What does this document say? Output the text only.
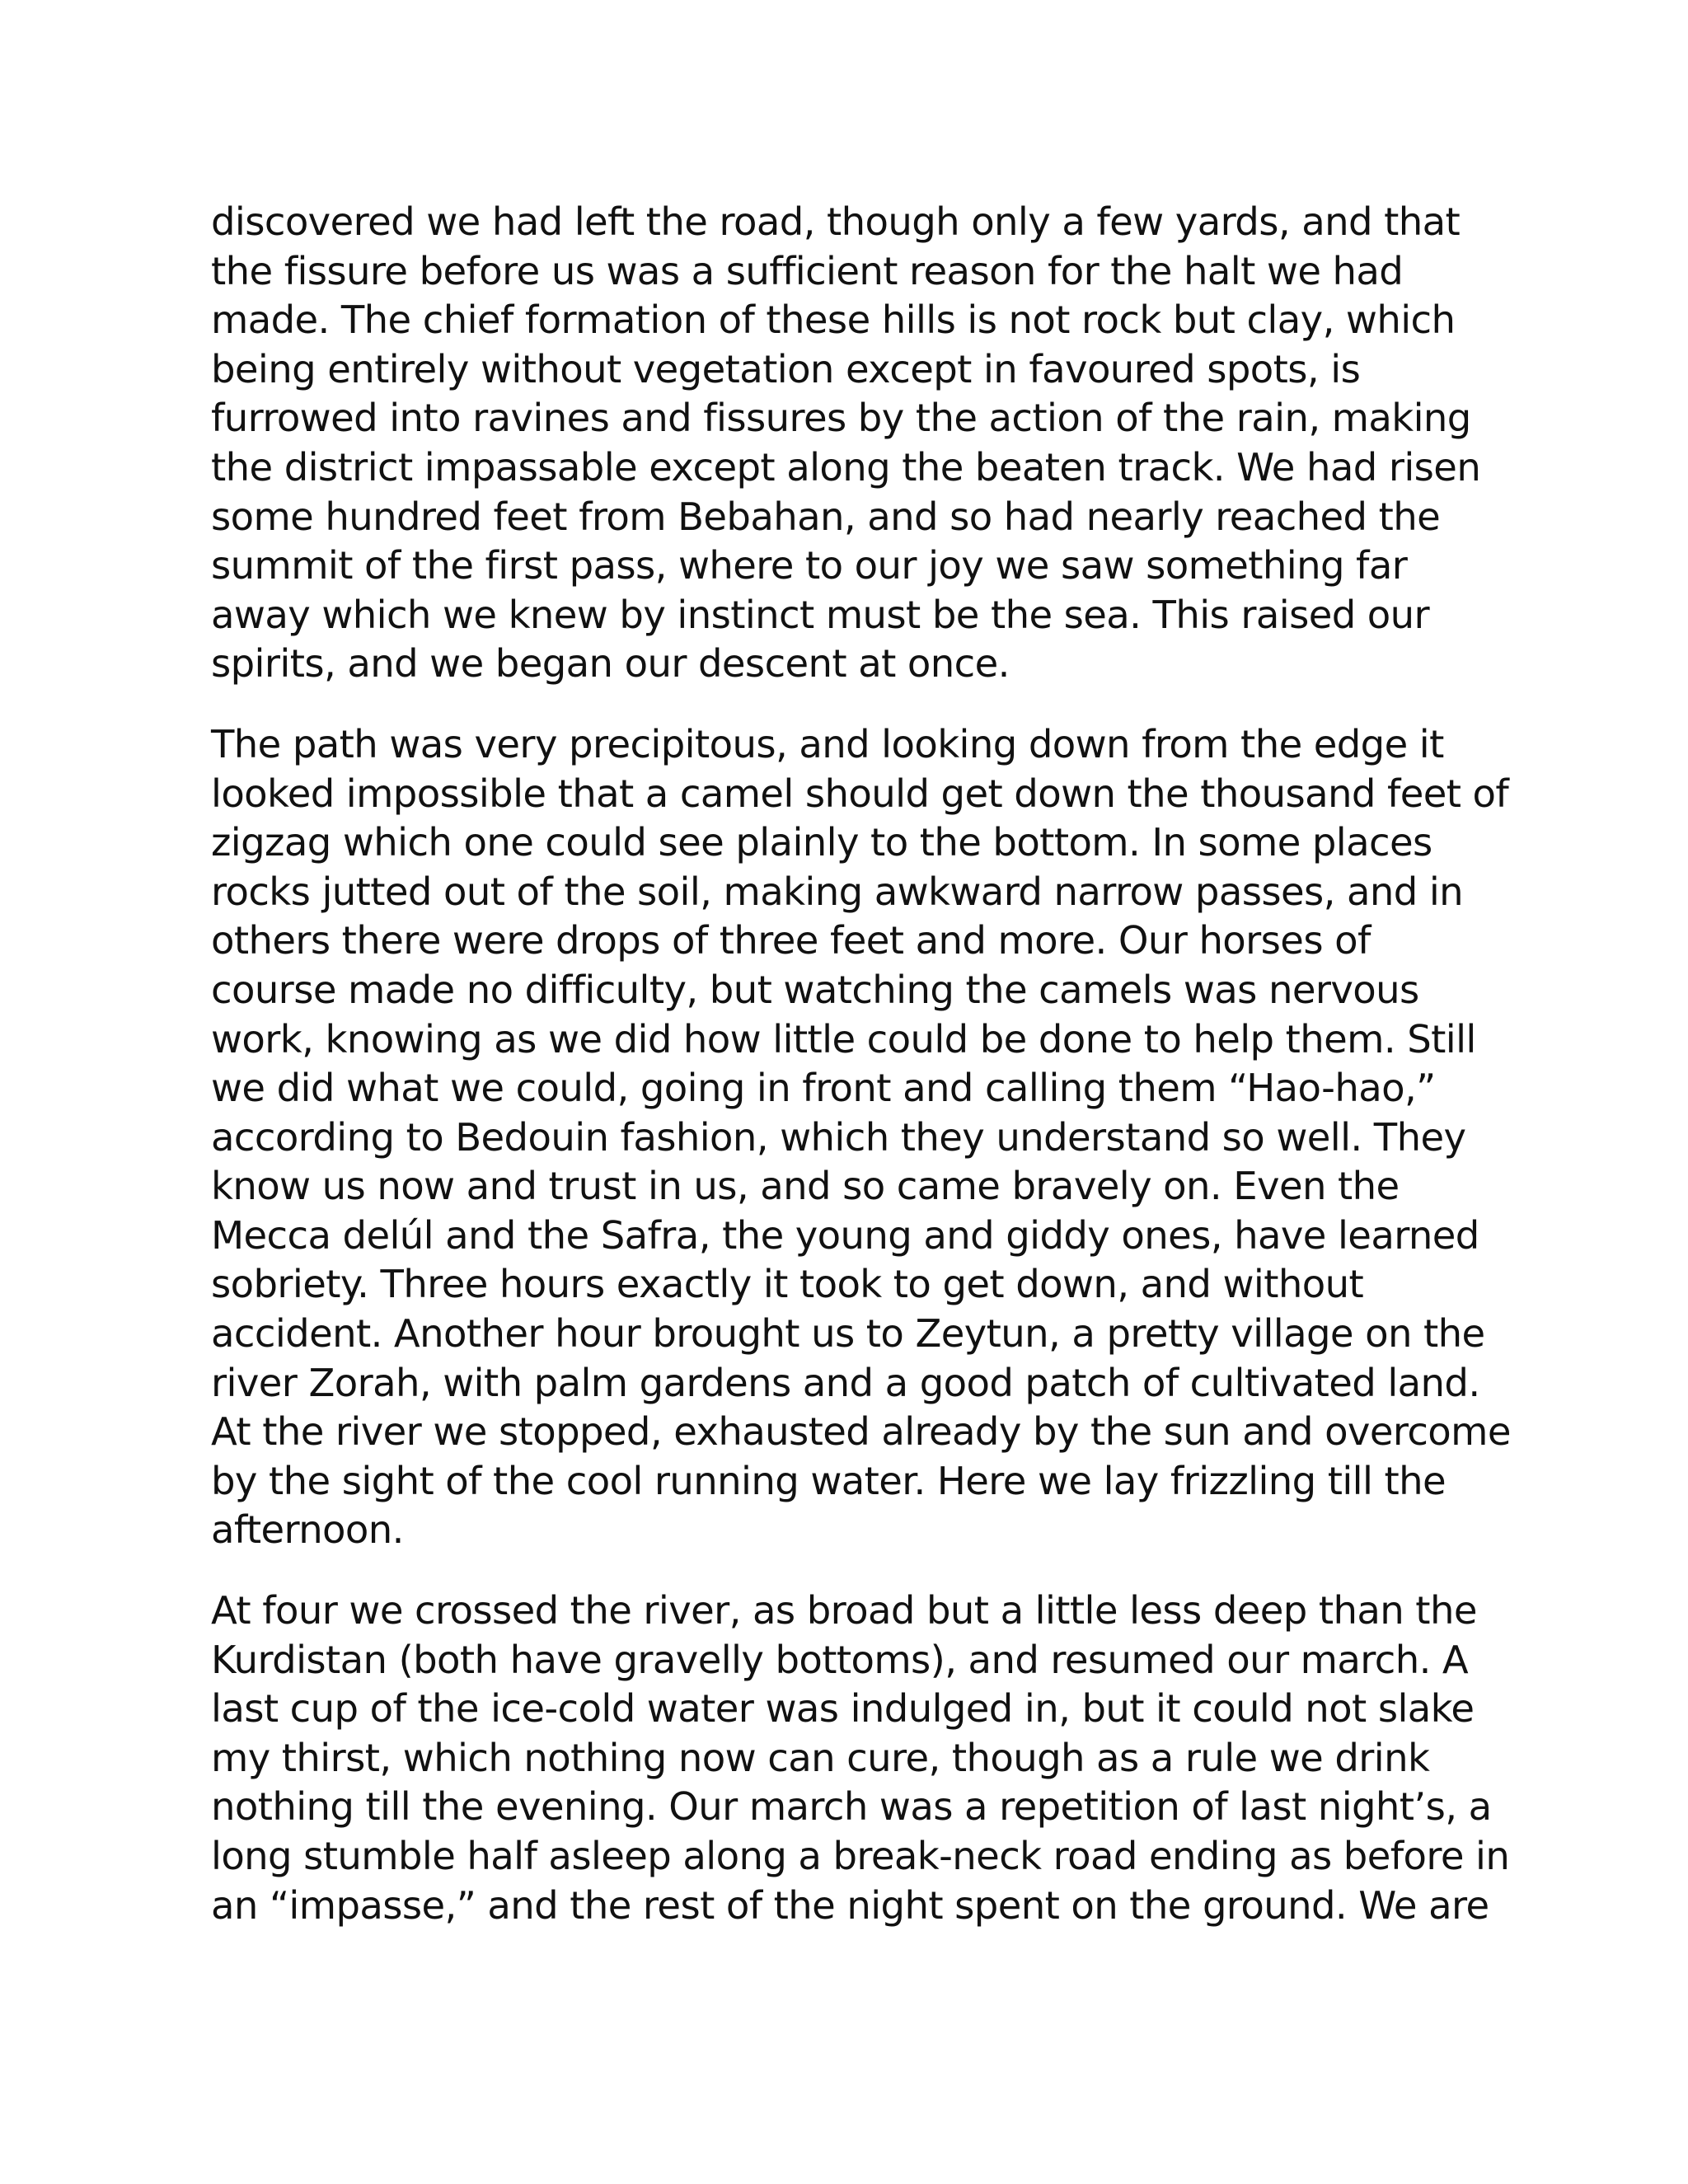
discovered we had left the road, though only a few yards, and that
the fissure before us was a sufficient reason for the halt we had
made. The chief formation of these hills is not rock but clay, which
being entirely without vegetation except in favoured spots, is
furrowed into ravines and fissures by the action of the rain, making
the district impassable except along the beaten track. We had risen
some hundred feet from Bebahan, and so had nearly reached the
summit of the first pass, where to our joy we saw something far
away which we knew by instinct must be the sea. This raised our
spirits, and we began our descent at once.

The path was very precipitous, and looking down from the edge it
looked impossible that a camel should get down the thousand feet of
zigzag which one could see plainly to the bottom. In some places
rocks jutted out of the soil, making awkward narrow passes, and in
others there were drops of three feet and more. Our horses of
course made no difficulty, but watching the camels was nervous
work, knowing as we did how little could be done to help them. Still
we did what we could, going in front and calling them “Hao-hao,”
according to Bedouin fashion, which they understand so well. They
know us now and trust in us, and so came bravely on. Even the
Mecca delúl and the Safra, the young and giddy ones, have learned
sobriety. Three hours exactly it took to get down, and without
accident. Another hour brought us to Zeytun, a pretty village on the
river Zorah, with palm gardens and a good patch of cultivated land.
At the river we stopped, exhausted already by the sun and overcome
by the sight of the cool running water. Here we lay frizzling till the
afternoon.

At four we crossed the river, as broad but a little less deep than the
Kurdistan (both have gravelly bottoms), and resumed our march. A
last cup of the ice-cold water was indulged in, but it could not slake
my thirst, which nothing now can cure, though as a rule we drink
nothing till the evening. Our march was a repetition of last night’s, a
long stumble half asleep along a break-neck road ending as before in
an “impasse,” and the rest of the night spent on the ground. We are
